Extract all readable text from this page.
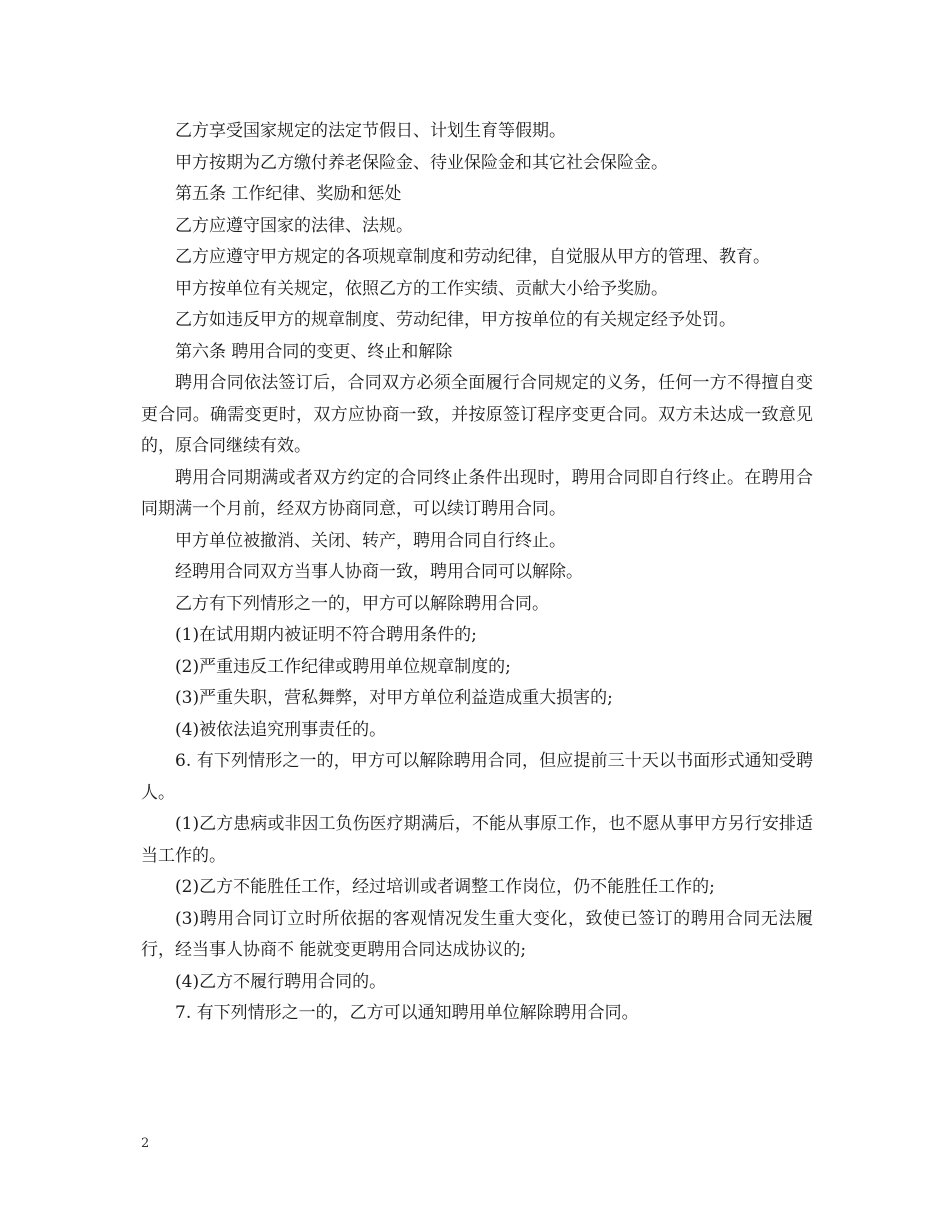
乙方享受国家规定的法定节假日、计划生育等假期。

甲方按期为乙方缴付养老保险金、待业保险金和其它社会保险金。

第五条 工作纪律、奖励和惩处

乙方应遵守国家的法律、法规。

乙方应遵守甲方规定的各项规章制度和劳动纪律，自觉服从甲方的管理、教育。

甲方按单位有关规定，依照乙方的工作实绩、贡献大小给予奖励。

乙方如违反甲方的规章制度、劳动纪律，甲方按单位的有关规定经予处罚。

第六条 聘用合同的变更、终止和解除

聘用合同依法签订后，合同双方必须全面履行合同规定的义务，任何一方不得擅自变更合同。确需变更时，双方应协商一致，并按原签订程序变更合同。双方未达成一致意见的，原合同继续有效。

聘用合同期满或者双方约定的合同终止条件出现时，聘用合同即自行终止。在聘用合同期满一个月前，经双方协商同意，可以续订聘用合同。

甲方单位被撤消、关闭、转产，聘用合同自行终止。

经聘用合同双方当事人协商一致，聘用合同可以解除。

乙方有下列情形之一的，甲方可以解除聘用合同。

(1)在试用期内被证明不符合聘用条件的;

(2)严重违反工作纪律或聘用单位规章制度的;

(3)严重失职，营私舞弊，对甲方单位利益造成重大损害的;

(4)被依法追究刑事责任的。

6. 有下列情形之一的，甲方可以解除聘用合同，但应提前三十天以书面形式通知受聘人。

(1)乙方患病或非因工负伤医疗期满后，不能从事原工作，也不愿从事甲方另行安排适当工作的。

(2)乙方不能胜任工作，经过培训或者调整工作岗位，仍不能胜任工作的;

(3)聘用合同订立时所依据的客观情况发生重大变化，致使已签订的聘用合同无法履行，经当事人协商不 能就变更聘用合同达成协议的;

(4)乙方不履行聘用合同的。

7. 有下列情形之一的，乙方可以通知聘用单位解除聘用合同。

2
